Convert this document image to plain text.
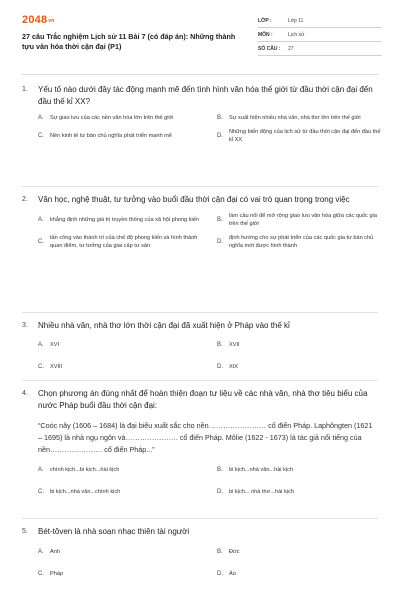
$2048^{vn}$
27 câu Trắc nghiệm Lịch sử 11 Bài 7 (có đáp án): Những thành tựu văn hóa thời cận đại (P1)
LỚP :	Lớp 11
MÔN :	Lịch sử
SỐ CÂU :	27
1.	Yếu tố nào dưới đây tác động mạnh mẽ đến tình hình văn hóa thế giới từ đầu thời cận đại đến đầu thế kỉ XX?
A.	Sự giao lưu của các nền văn hóa lớn trên thế giới	B.	Sự xuất hiện nhiều nhà văn, nhà thơ lớn trên thế giới
C.	Nền kinh tế tư bản chủ nghĩa phát triển mạnh mẽ	D.
Những biến động của lịch sử từ đầu thời cận đại đến đầu thế kỉ XX
2.	Văn học, nghệ thuật, tư tưởng vào buổi đầu thời cận đại có vai trò quan trọng trong việc
A.	khẳng định những giá trị truyền thống của xã hội phong kiến	B.
làm cầu nối để mở rộng giao lưu văn hóa giữa các quốc gia trên thế giới
C.
tấn công vào thành trì của chế độ phong kiến và hình thành quan điểm, tư tưởng của giai cấp tư sản
D.
định hướng cho sự phát triển của các quốc gia tư bản chủ nghĩa mới được hình thành
3.	Nhiều nhà văn, nhà thơ lớn thời cận đại đã xuất hiện ở Pháp vào thế kỉ
A.	XVI	B.	XVII
C.	XVIII	D.	XIX
4.	Chọn phương án đúng nhất để hoàn thiện đoạn tư liệu về các nhà văn, nhà thơ tiêu biểu của nước Pháp buổi đầu thời cận đại:
“Coóc nây (1606 – 1684) là đại biểu xuất sắc cho nền…………………… cổ điển Pháp. Laphôngten (1621 – 1695) là nhà ngụ ngôn và…………………. cổ điển Pháp. Môlie (1622 - 1673) là tác giả nổi tiếng của nền…………………. cổ điển Pháp...”
A.	chính kịch...bi kịch...hài kịch	B.	bi kịch...nhà văn...hài kịch
C.	bi kịch...nhà văn...chính kịch	D.	bi kịch... nhà thơ...hài kịch
5.	Bét-tôven là nhà soạn nhạc thiên tài người
A.	Anh	B.	Đức
C.	Pháp	D.	Áo
